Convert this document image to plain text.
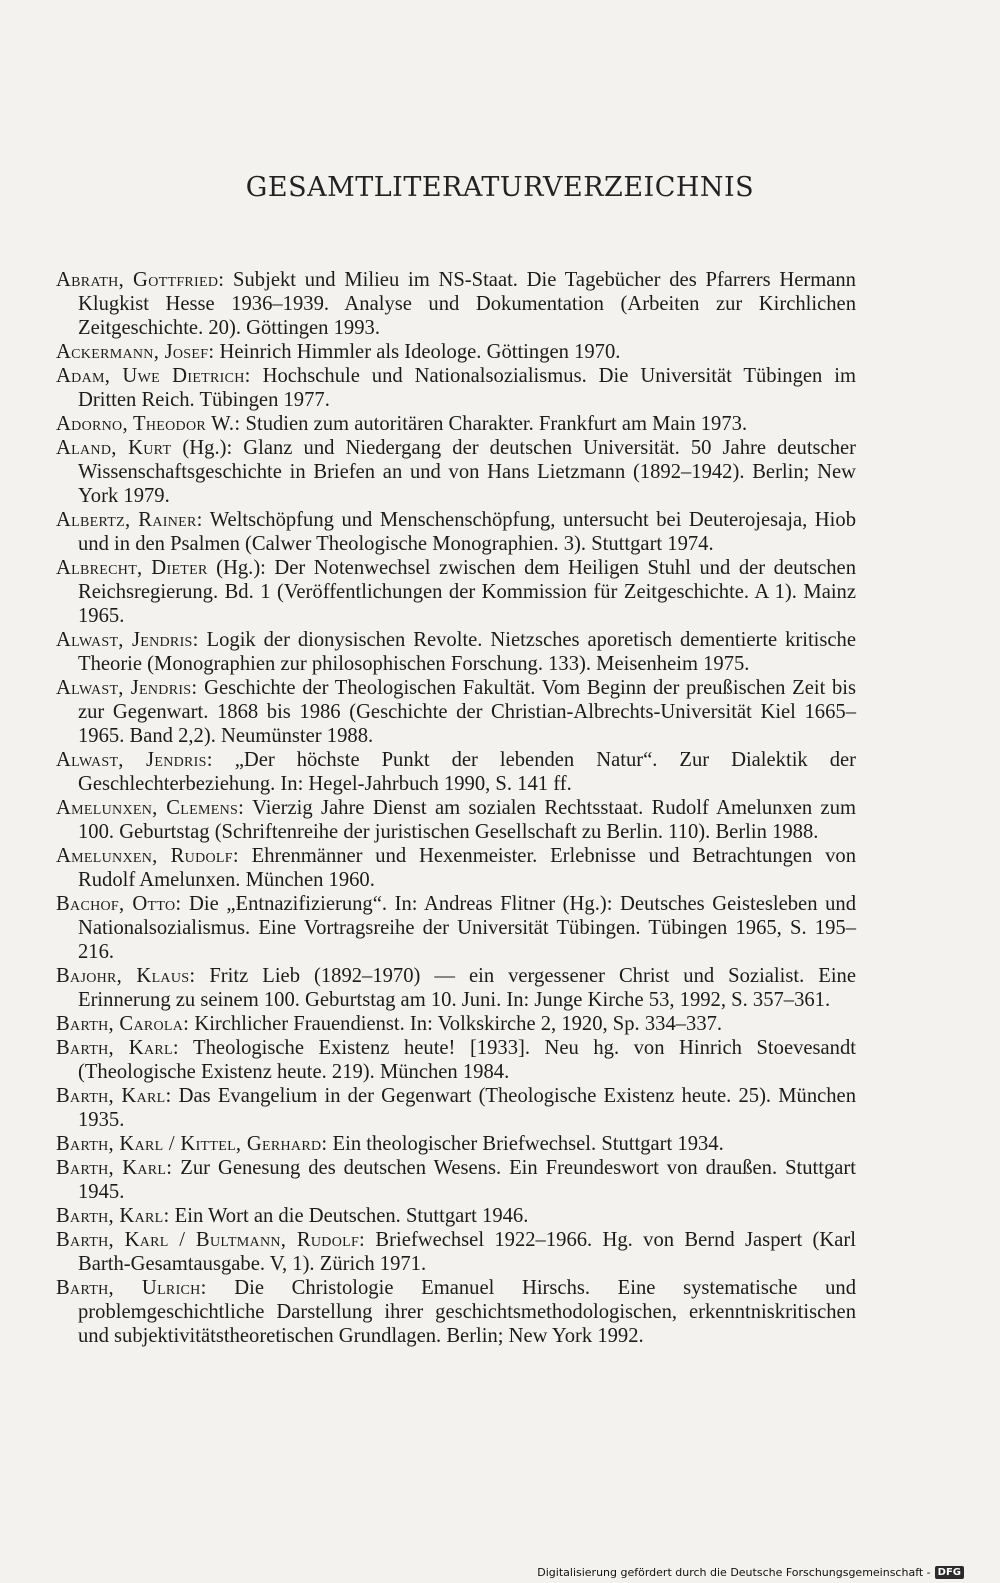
GESAMTLITERATURVERZEICHNIS
Abrath, Gottfried: Subjekt und Milieu im NS-Staat. Die Tagebücher des Pfarrers Hermann Klugkist Hesse 1936–1939. Analyse und Dokumentation (Arbeiten zur Kirchlichen Zeitgeschichte. 20). Göttingen 1993.
Ackermann, Josef: Heinrich Himmler als Ideologe. Göttingen 1970.
Adam, Uwe Dietrich: Hochschule und Nationalsozialismus. Die Universität Tübingen im Dritten Reich. Tübingen 1977.
Adorno, Theodor W.: Studien zum autoritären Charakter. Frankfurt am Main 1973.
Aland, Kurt (Hg.): Glanz und Niedergang der deutschen Universität. 50 Jahre deutscher Wissenschaftsgeschichte in Briefen an und von Hans Lietzmann (1892–1942). Berlin; New York 1979.
Albertz, Rainer: Weltschöpfung und Menschenschöpfung, untersucht bei Deuterojesaja, Hiob und in den Psalmen (Calwer Theologische Monographien. 3). Stuttgart 1974.
Albrecht, Dieter (Hg.): Der Notenwechsel zwischen dem Heiligen Stuhl und der deutschen Reichsregierung. Bd. 1 (Veröffentlichungen der Kommission für Zeitgeschichte. A 1). Mainz 1965.
Alwast, Jendris: Logik der dionysischen Revolte. Nietzsches aporetisch dementierte kritische Theorie (Monographien zur philosophischen Forschung. 133). Meisenheim 1975.
Alwast, Jendris: Geschichte der Theologischen Fakultät. Vom Beginn der preußischen Zeit bis zur Gegenwart. 1868 bis 1986 (Geschichte der Christian-Albrechts-Universität Kiel 1665–1965. Band 2,2). Neumünster 1988.
Alwast, Jendris: „Der höchste Punkt der lebenden Natur“. Zur Dialektik der Geschlechterbeziehung. In: Hegel-Jahrbuch 1990, S. 141 ff.
Amelunxen, Clemens: Vierzig Jahre Dienst am sozialen Rechtsstaat. Rudolf Amelunxen zum 100. Geburtstag (Schriftenreihe der juristischen Gesellschaft zu Berlin. 110). Berlin 1988.
Amelunxen, Rudolf: Ehrenmänner und Hexenmeister. Erlebnisse und Betrachtungen von Rudolf Amelunxen. München 1960.
Bachof, Otto: Die „Entnazifizierung“. In: Andreas Flitner (Hg.): Deutsches Geistesleben und Nationalsozialismus. Eine Vortragsreihe der Universität Tübingen. Tübingen 1965, S. 195–216.
Bajohr, Klaus: Fritz Lieb (1892–1970) — ein vergessener Christ und Sozialist. Eine Erinnerung zu seinem 100. Geburtstag am 10. Juni. In: Junge Kirche 53, 1992, S. 357–361.
Barth, Carola: Kirchlicher Frauendienst. In: Volkskirche 2, 1920, Sp. 334–337.
Barth, Karl: Theologische Existenz heute! [1933]. Neu hg. von Hinrich Stoevesandt (Theologische Existenz heute. 219). München 1984.
Barth, Karl: Das Evangelium in der Gegenwart (Theologische Existenz heute. 25). München 1935.
Barth, Karl / Kittel, Gerhard: Ein theologischer Briefwechsel. Stuttgart 1934.
Barth, Karl: Zur Genesung des deutschen Wesens. Ein Freundeswort von draußen. Stuttgart 1945.
Barth, Karl: Ein Wort an die Deutschen. Stuttgart 1946.
Barth, Karl / Bultmann, Rudolf: Briefwechsel 1922–1966. Hg. von Bernd Jaspert (Karl Barth-Gesamtausgabe. V, 1). Zürich 1971.
Barth, Ulrich: Die Christologie Emanuel Hirschs. Eine systematische und problemgeschichtliche Darstellung ihrer geschichtsmethodologischen, erkenntniskritischen und subjektivitätstheoretischen Grundlagen. Berlin; New York 1992.
Digitalisierung gefördert durch die Deutsche Forschungsgemeinschaft - DFG
